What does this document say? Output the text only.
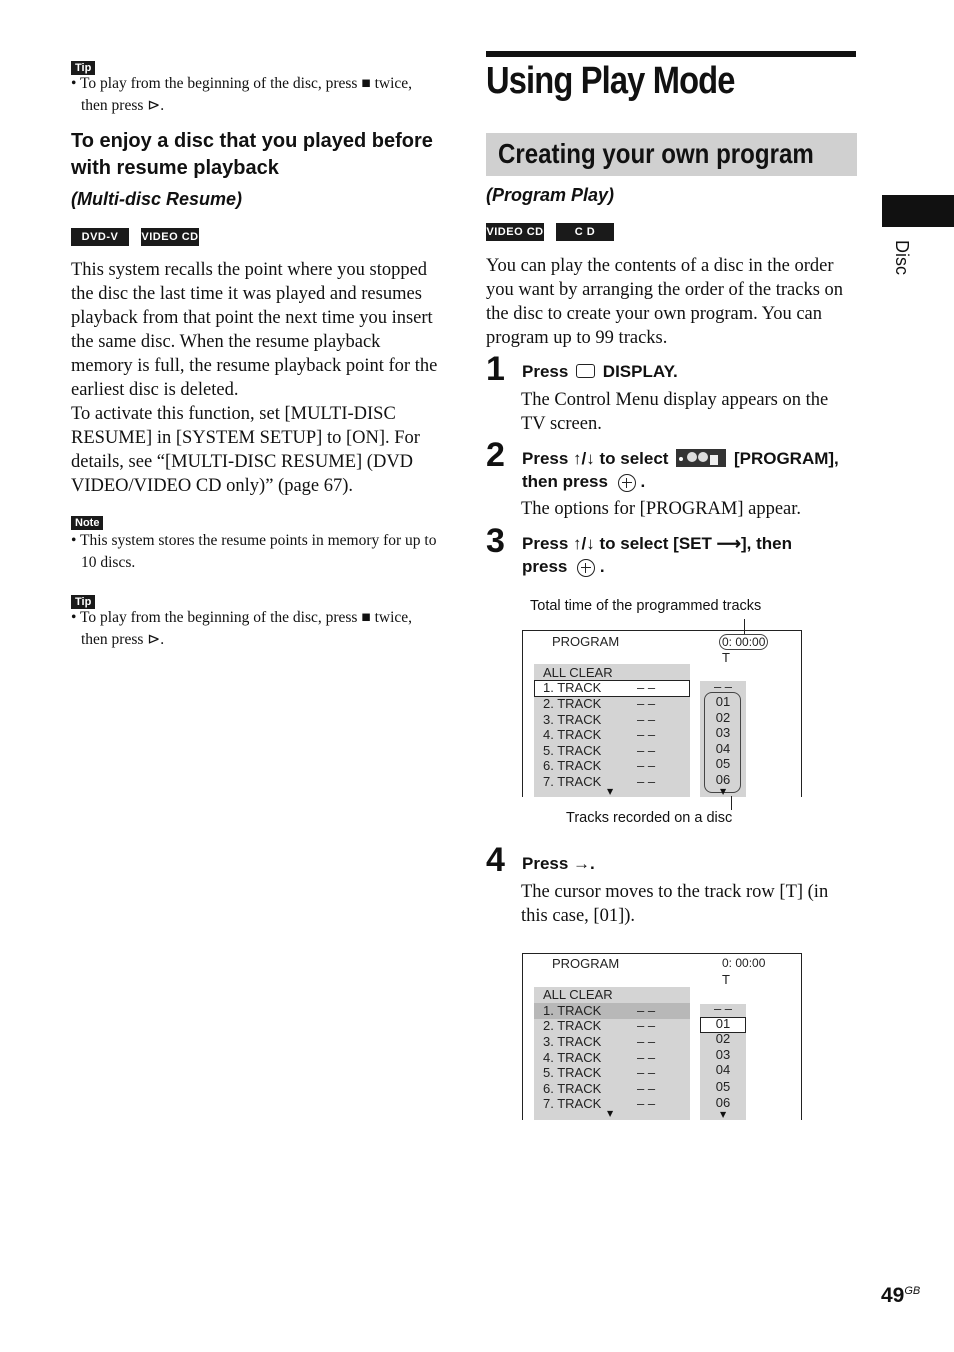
Tip

• To play from the beginning of the disc, press ■ twice, then press ⊳.

To enjoy a disc that you played before with resume playback
(Multi-disc Resume)
DVD-V VIDEO CD
This system recalls the point where you stopped the disc the last time it was played and resumes playback from that point the next time you insert the same disc. When the resume playback memory is full, the resume playback point for the earliest disc is deleted.
To activate this function, set [MULTI-DISC RESUME] in [SYSTEM SETUP] to [ON]. For details, see “[MULTI-DISC RESUME] (DVD VIDEO/VIDEO CD only)” (page 67).
Note

• This system stores the resume points in memory for up to 10 discs.

Tip

• To play from the beginning of the disc, press ■ twice, then press ⊳.

Using Play Mode
Creating your own program
(Program Play)
VIDEO CD	C D
You can play the contents of a disc in the order you want by arranging the order of the tracks on the disc to create your own program. You can program up to 99 tracks.
1 Press DISPLAY.
The Control Menu display appears on the TV screen.
2 Press ↑/↓ to select	[PROGRAM],
then press
.
The options for [PROGRAM] appear.
3 Press ↑/↓ to select [SET ⟶], then
press
.
Total time of the programmed tracks
PROGRAM	0: 00:00
T
ALL CLEAR
1. TRACK	– –
2. TRACK	– –
3. TRACK	– –
4. TRACK	– –
5. TRACK	– –
6. TRACK	– –
7. TRACK	– –
▼
– –
01
02
03
04
05
06
▼
Tracks recorded on a disc
4 Press →.
The cursor moves to the track row [T] (in this case, [01]).
PROGRAM	0: 00:00
T
ALL CLEAR
1. TRACK	– –
2. TRACK	– –
3. TRACK	– –
4. TRACK	– –
5. TRACK	– –
6. TRACK	– –
7. TRACK	– –
▼
– –
01
02
03
04
05
06
▼
Disc
$49^{GB}$
